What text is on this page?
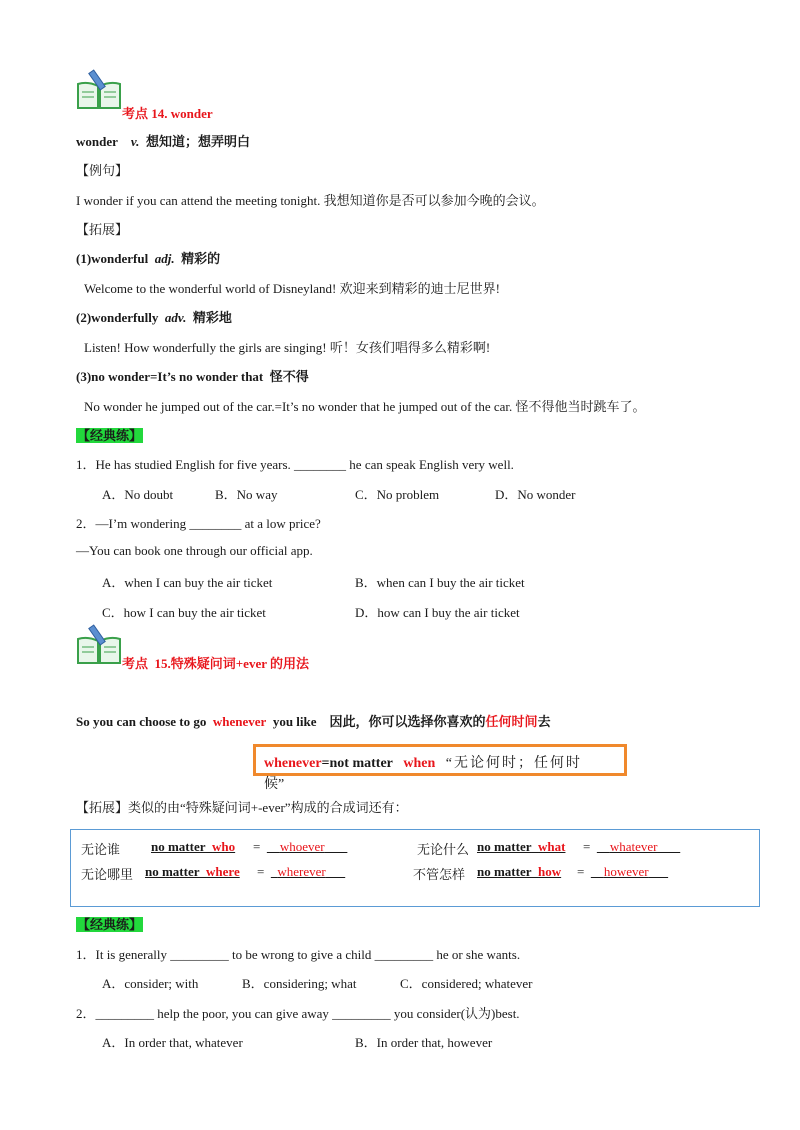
考点 14. wonder
wonder v. 想知道；想弄明白
【例句】
I wonder if you can attend the meeting tonight. 我想知道你是否可以参加今晚的会议。
【拓展】
(1)wonderful adj. 精彩的
Welcome to the wonderful world of Disneyland! 欢迎来到精彩的迪士尼世界!
(2)wonderfully adv. 精彩地
Listen! How wonderfully the girls are singing! 听！女孩们唱得多么精彩啊!
(3)no wonder=It’s no wonder that 怪不得
No wonder he jumped out of the car.=It’s no wonder that he jumped out of the car. 怪不得他当时跳车了。
【经典练】
1．He has studied English for five years. ________ he can speak English very well.
A．No doubt	B．No way	C．No problem	D．No wonder
2．—I’m wondering ________ at a low price?
—You can book one through our official app.
A．when I can buy the air ticket	B．when can I buy the air ticket
C．how I can buy the air ticket	D．how can I buy the air ticket
考点 15.特殊疑问词+ever 的用法
So you can choose to go whenever you like 因此，你可以选择你喜欢的任何时间去
whenever=not matter when “无论何时；任何时
候”
【拓展】类似的由“特殊疑问词+-ever”构成的合成词还有：
无论谁 no matter who =      whoever	无论什么 no matter what =      whatever
无论哪里 no matter where =    wherever	不管怎样 no matter how =      however
【经典练】
1．It is generally _________ to be wrong to give a child _________ he or she wants.
A．consider; with	B．considering; what	C．considered; whatever
2．_________ help the poor, you can give away _________ you consider(认为)best.
A．In order that, whatever	B．In order that, however
